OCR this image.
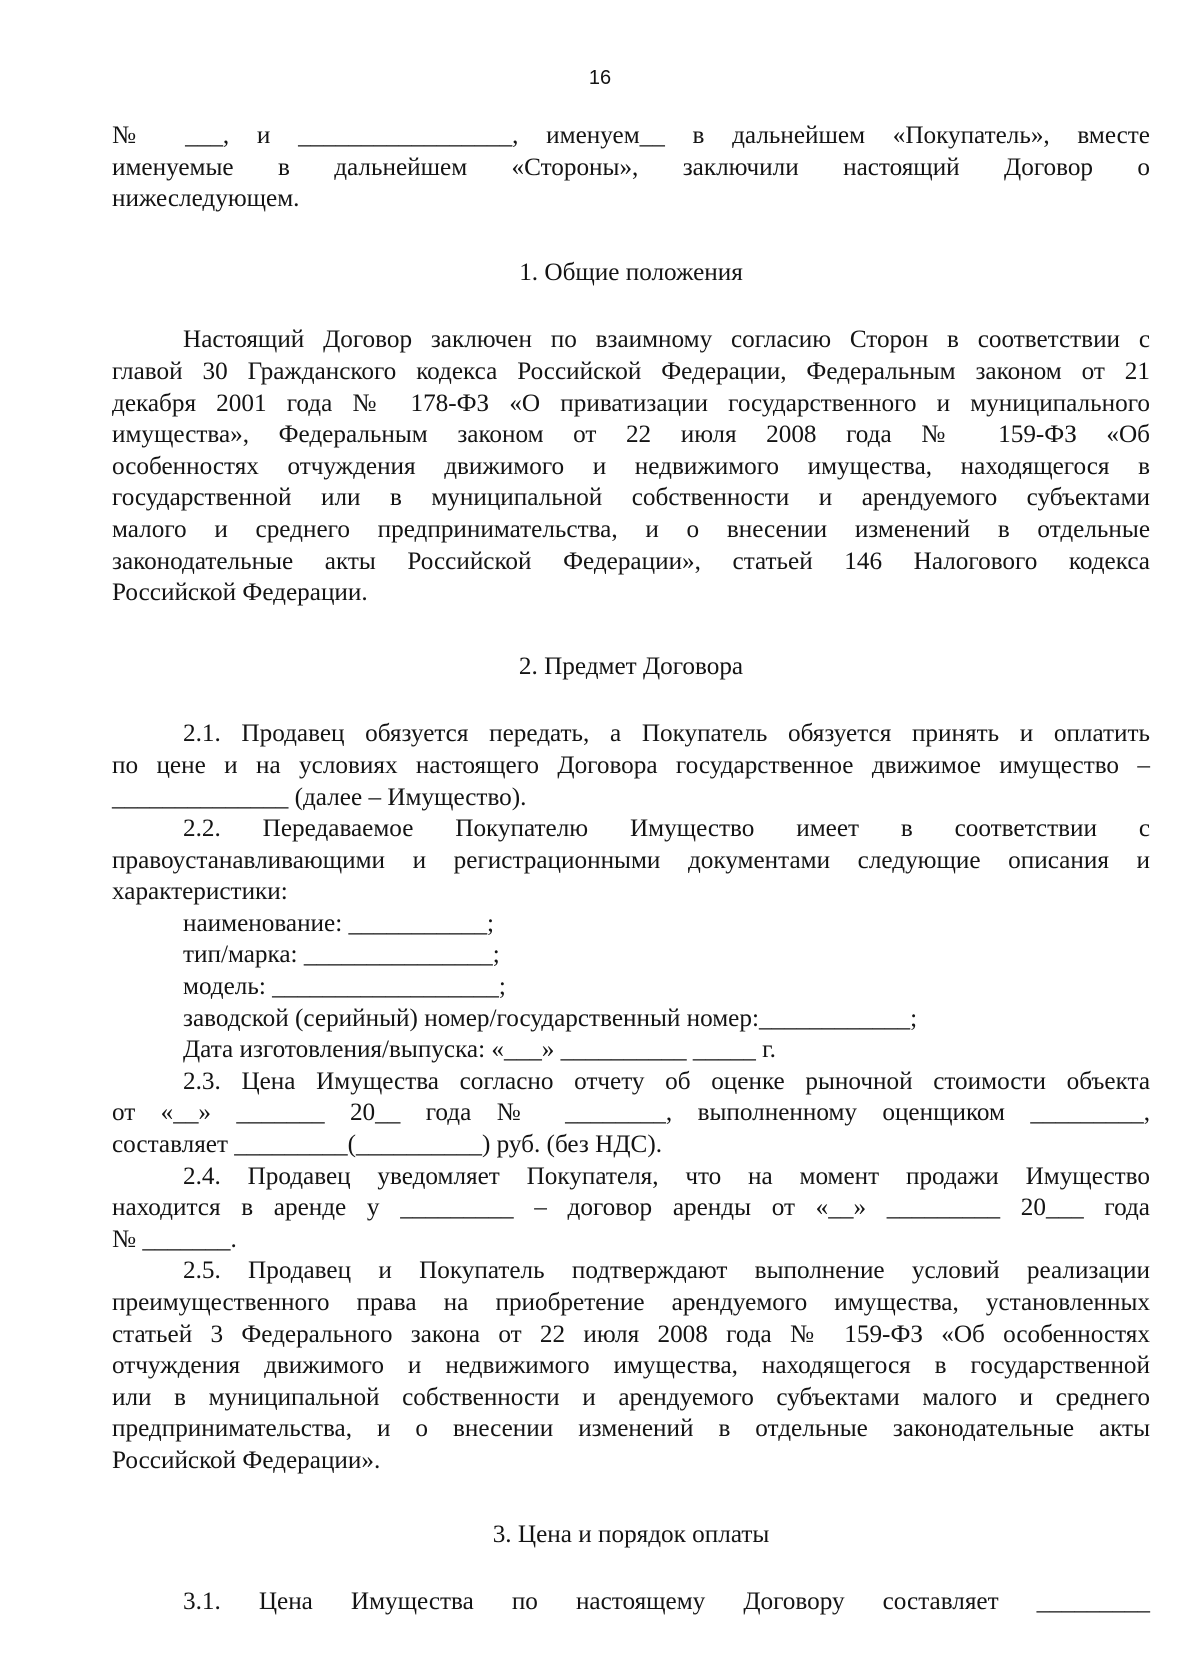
16

№ ___, и _________________, именуем__ в дальнейшем «Покупатель», вместе

именуемые в дальнейшем «Стороны», заключили настоящий Договор о

нижеследующем.

1. Общие положения

Настоящий Договор заключен по взаимному согласию Сторон в соответствии с

главой 30 Гражданского кодекса Российской Федерации, Федеральным законом от 21

декабря 2001 года № 178-ФЗ «О приватизации государственного и муниципального

имущества», Федеральным законом от 22 июля 2008 года № 159-ФЗ «Об

особенностях отчуждения движимого и недвижимого имущества, находящегося в

государственной или в муниципальной собственности и арендуемого субъектами

малого и среднего предпринимательства, и о внесении изменений в отдельные

законодательные акты Российской Федерации», статьей 146 Налогового кодекса

Российской Федерации.

2. Предмет Договора

2.1. Продавец обязуется передать, а Покупатель обязуется принять и оплатить

по цене и на условиях настоящего Договора государственное движимое имущество –

______________ (далее – Имущество).

2.2. Передаваемое Покупателю Имущество имеет в соответствии с

правоустанавливающими и регистрационными документами следующие описания и

характеристики:

наименование: ___________;

тип/марка: _______________;

модель: __________________;

заводской (серийный) номер/государственный номер:____________;

Дата изготовления/выпуска: «___» __________ _____ г.

2.3. Цена Имущества согласно отчету об оценке рыночной стоимости объекта

от «__» _______ 20__ года № ________, выполненному оценщиком _________,

составляет _________(__________) руб. (без НДС).

2.4. Продавец уведомляет Покупателя, что на момент продажи Имущество

находится в аренде у _________ – договор аренды от «__» _________ 20___ года

№ _______.

2.5. Продавец и Покупатель подтверждают выполнение условий реализации

преимущественного права на приобретение арендуемого имущества, установленных

статьей 3 Федерального закона от 22 июля 2008 года № 159-ФЗ «Об особенностях

отчуждения движимого и недвижимого имущества, находящегося в государственной

или в муниципальной собственности и арендуемого субъектами малого и среднего

предпринимательства, и о внесении изменений в отдельные законодательные акты

Российской Федерации».

3. Цена и порядок оплаты

3.1. Цена Имущества по настоящему Договору составляет _________
